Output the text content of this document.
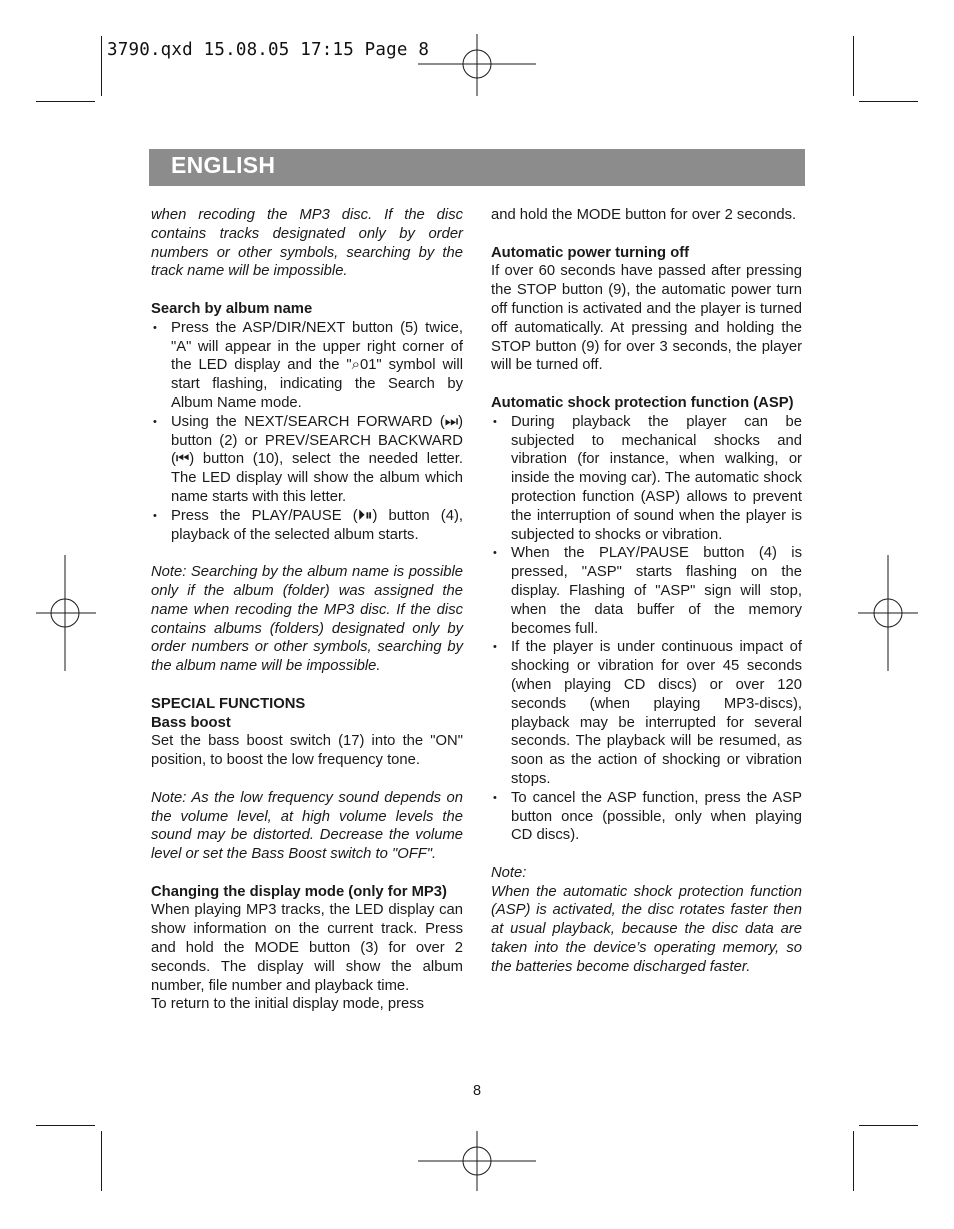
3790.qxd 15.08.05 17:15 Page 8
ENGLISH

when recoding the MP3 disc. If the disc contains tracks designated only by order numbers or other symbols, searching by the track name will be impossible.

Search by album name

• Press the ASP/DIR/NEXT button (5) twice, "A" will appear in the upper right corner of the LED display and the "⌕01" symbol will start flashing, indicating the Search by Album Name mode.
• Using the NEXT/SEARCH FORWARD (⏭) button (2) or PREV/SEARCH BACKWARD (⏮) button (10), select the needed letter. The LED display will show the album which name starts with this letter.
• Press the PLAY/PAUSE (⏵⏸) button (4), playback of the selected album starts.

Note: Searching by the album name is possible only if the album (folder) was assigned the name when recoding the MP3 disc. If the disc contains albums (folders) designated only by order numbers or other symbols, searching by the album name will be impossible.

SPECIAL FUNCTIONS

Bass boost

Set the bass boost switch (17) into the "ON" position, to boost the low frequency tone.

Note: As the low frequency sound depends on the volume level, at high volume levels the sound may be distorted. Decrease the volume level or set the Bass Boost switch to "OFF".

Changing the display mode (only for MP3)

When playing MP3 tracks, the LED display can show information on the current track. Press and hold the MODE button (3) for over 2 seconds. The display will show the album number, file number and playback time.

To return to the initial display mode, press

and hold the MODE button for over 2 seconds.

Automatic power turning off

If over 60 seconds have passed after pressing the STOP button (9), the automatic power turn off function is activated and the player is turned off automatically. At pressing and holding the STOP button (9) for over 3 seconds, the player will be turned off.

Automatic shock protection function (ASP)

• During playback the player can be subjected to mechanical shocks and vibration (for instance, when walking, or inside the moving car). The automatic shock protection function (ASP) allows to prevent the interruption of sound when the player is subjected to shocks or vibration.
• When the PLAY/PAUSE button (4) is pressed, "ASP" starts flashing on the display. Flashing of "ASP" sign will stop, when the data buffer of the memory becomes full.
• If the player is under continuous impact of shocking or vibration for over 45 seconds (when playing CD discs) or over 120 seconds (when playing MP3-discs), playback may be interrupted for several seconds. The playback will be resumed, as soon as the action of shocking or vibration stops.
• To cancel the ASP function, press the ASP button once (possible, only when playing CD discs).

Note:

When the automatic shock protection function (ASP) is activated, the disc rotates faster then at usual playback, because the disc data are taken into the device’s operating memory, so the batteries become discharged faster.

8
